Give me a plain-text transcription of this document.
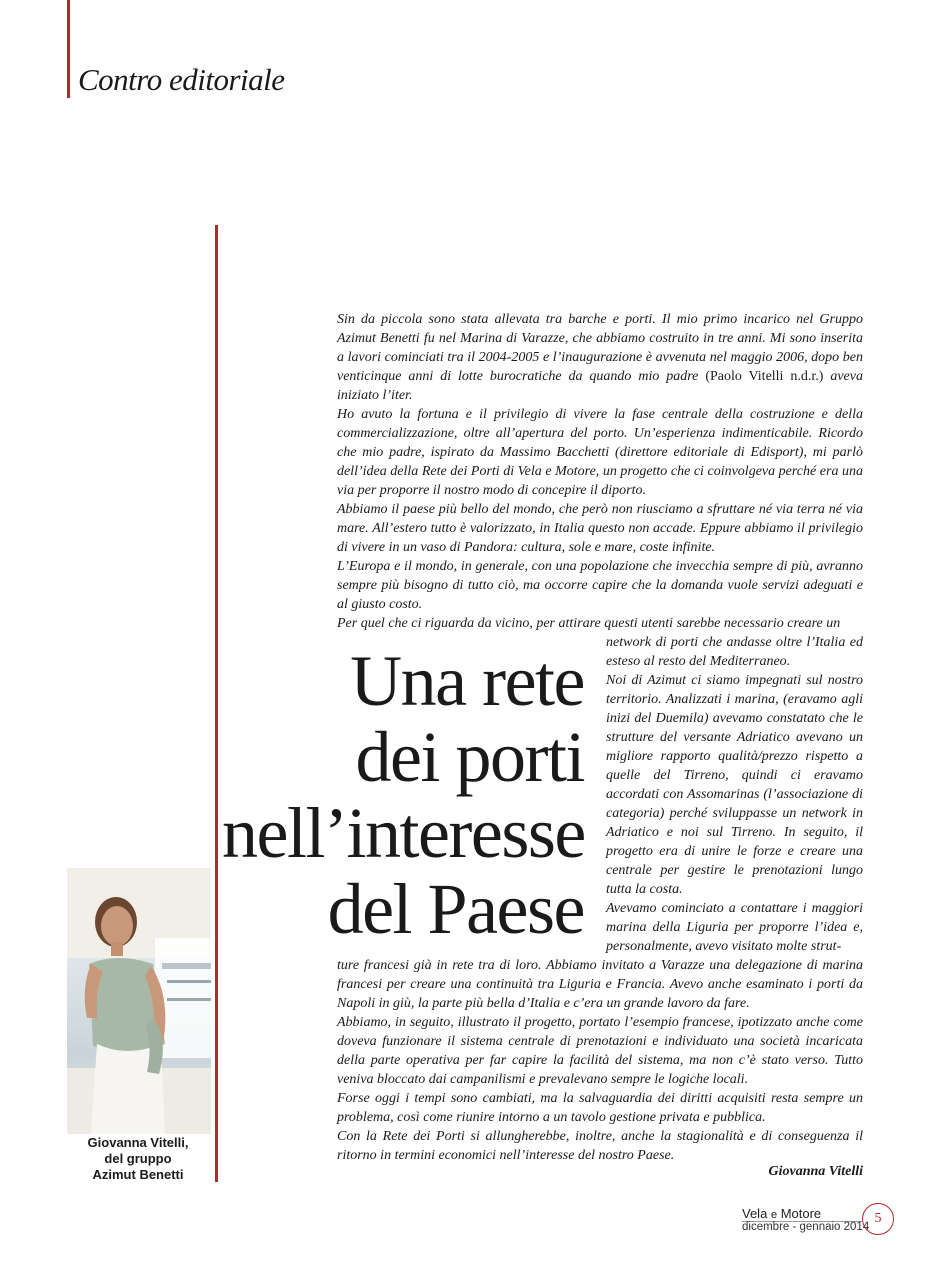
Contro editoriale
Sin da piccola sono stata allevata tra barche e porti. Il mio primo incarico nel Gruppo Azimut Benetti fu nel Marina di Varazze, che abbiamo costruito in tre anni. Mi sono inserita a lavori cominciati tra il 2004-2005 e l’inaugurazione è avvenuta nel maggio 2006, dopo ben venticinque anni di lotte burocratiche da quando mio padre (Paolo Vitelli n.d.r.) aveva iniziato l’iter.
Ho avuto la fortuna e il privilegio di vivere la fase centrale della costruzione e della commercializzazione, oltre all’apertura del porto. Un’esperienza indimenticabile. Ricordo che mio padre, ispirato da Massimo Bacchetti (direttore editoriale di Edisport), mi parlò dell’idea della Rete dei Porti di Vela e Motore, un progetto che ci coinvolgeva perché era una via per proporre il nostro modo di concepire il diporto.
Abbiamo il paese più bello del mondo, che però non riusciamo a sfruttare né via terra né via mare. All’estero tutto è valorizzato, in Italia questo non accade. Eppure abbiamo il privilegio di vivere in un vaso di Pandora: cultura, sole e mare, coste infinite.
L’Europa e il mondo, in generale, con una popolazione che invecchia sempre di più, avranno sempre più bisogno di tutto ciò, ma occorre capire che la domanda vuole servizi adeguati e al giusto costo.
Per quel che ci riguarda da vicino, per attirare questi utenti sarebbe necessario creare un
Una rete
dei porti
nell’interesse
del Paese
network di porti che andasse oltre l’Italia ed esteso al resto del Mediterraneo.
Noi di Azimut ci siamo impegnati sul nostro territorio. Analizzati i marina, (eravamo agli inizi del Duemila) avevamo constatato che le strutture del versante Adriatico avevano un migliore rapporto qualità/prezzo rispetto a quelle del Tirreno, quindi ci eravamo accordati con Assomarinas (l’associazione di categoria) perché sviluppasse un network in Adriatico e noi sul Tirreno. In seguito, il progetto era di unire le forze e creare una centrale per gestire le prenotazioni lungo tutta la costa.
Avevamo cominciato a contattare i maggiori marina della Liguria per proporre l’idea e, personalmente, avevo visitato molte strut-
ture francesi già in rete tra di loro. Abbiamo invitato a Varazze una delegazione di marina francesi per creare una continuità tra Liguria e Francia. Avevo anche esaminato i porti da Napoli in giù, la parte più bella d’Italia e c’era un grande lavoro da fare.
Abbiamo, in seguito, illustrato il progetto, portato l’esempio francese, ipotizzato anche come doveva funzionare il sistema centrale di prenotazioni e individuato una società incaricata della parte operativa per far capire la facilità del sistema, ma non c’è stato verso. Tutto veniva bloccato dai campanilismi e prevalevano sempre le logiche locali.
Forse oggi i tempi sono cambiati, ma la salvaguardia dei diritti acquisiti resta sempre un problema, così come riunire intorno a un tavolo gestione privata e pubblica.
Con la Rete dei Porti si allungherebbe, inoltre, anche la stagionalità e di conseguenza il ritorno in termini economici nell’interesse del nostro Paese.

Giovanna Vitelli

Giovanna Vitelli,
del gruppo
Azimut Benetti

Vela e Motore

dicembre - gennaio 2014

5
